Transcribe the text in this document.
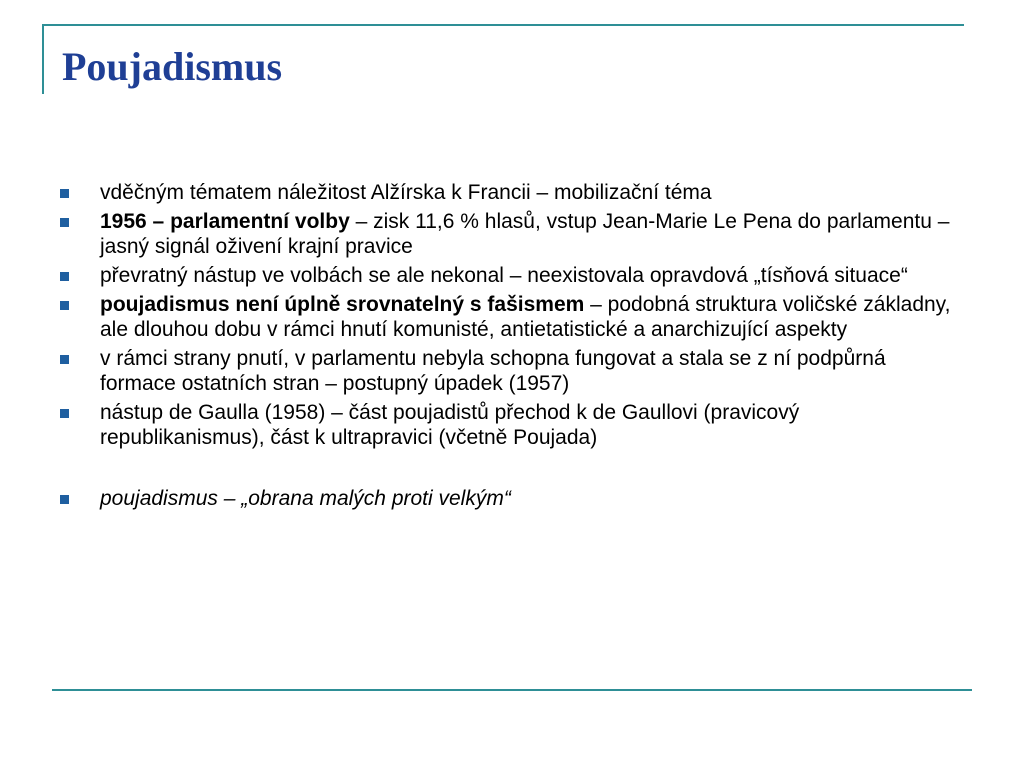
Poujadismus
vděčným tématem náležitost Alžírska k Francii – mobilizační téma
1956 – parlamentní volby – zisk 11,6 % hlasů, vstup Jean-Marie Le Pena do parlamentu – jasný signál oživení krajní pravice
převratný nástup ve volbách se ale nekonal – neexistovala opravdová „tísňová situace“
poujadismus není úplně srovnatelný s fašismem – podobná struktura voličské základny, ale dlouhou dobu v rámci hnutí komunisté, antietatistické a anarchizující aspekty
v rámci strany pnutí, v parlamentu nebyla schopna fungovat a stala se z ní podpůrná formace ostatních stran – postupný úpadek (1957)
nástup de Gaulla (1958) – část poujadistů přechod k de Gaullovi (pravicový republikanismus), část k ultrapravici (včetně Poujada)
poujadismus – „obrana malých proti velkým“
